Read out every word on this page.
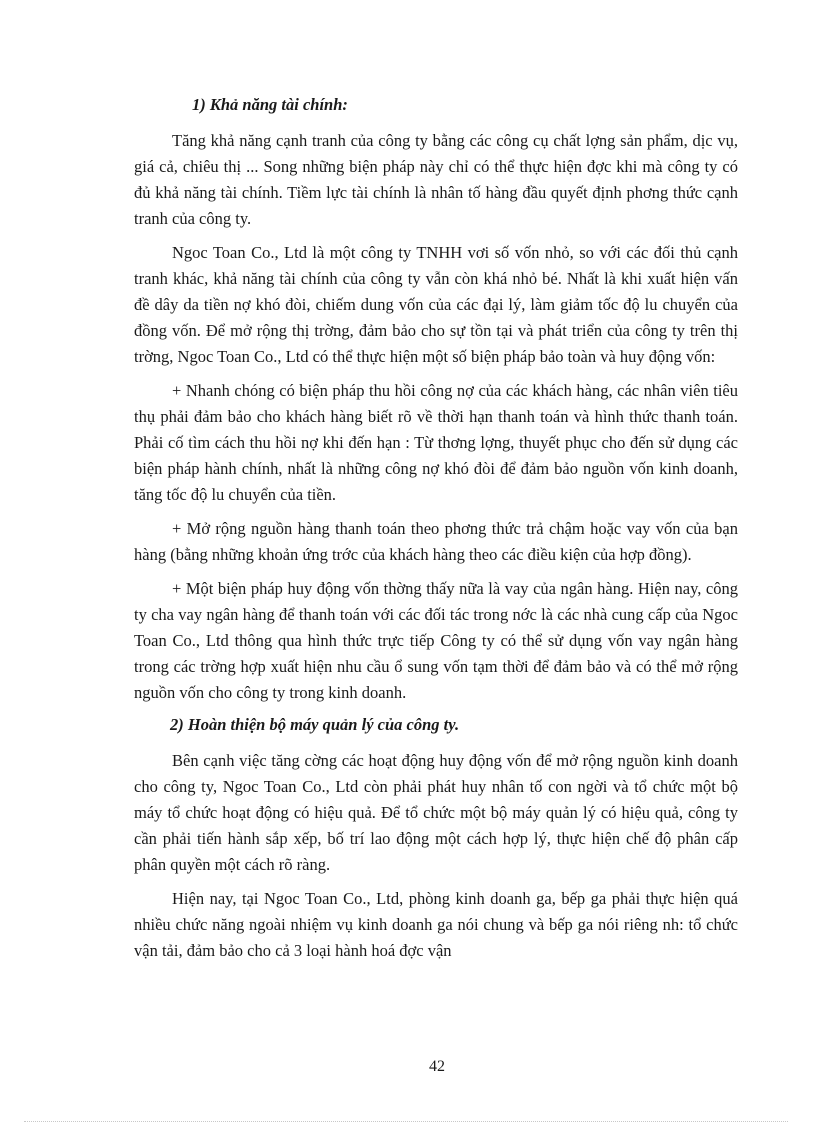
1) Khả năng tài chính:

Tăng khả năng cạnh tranh của công ty bằng các công cụ chất lợng sản phẩm, dịc vụ, giá cả, chiêu thị ... Song những biện pháp này chỉ có thể thực hiện đợc khi mà công ty có đủ khả năng tài chính. Tiềm lực tài chính là nhân tố hàng đầu quyết định phơng thức cạnh tranh của công ty.

Ngoc Toan Co., Ltd là một công ty TNHH vơi số vốn nhỏ, so với các đối thủ cạnh tranh khác, khả năng tài chính của công ty vẫn còn khá nhỏ bé. Nhất là khi xuất hiện vấn đề dây da tiền nợ khó đòi, chiếm dung vốn của các đại lý, làm giảm tốc độ lu chuyển của đồng vốn. Để mở rộng thị trờng, đảm bảo cho sự tồn tại và phát triển của công ty trên thị trờng, Ngoc Toan Co., Ltd có thể thực hiện một số biện pháp bảo toàn và huy động vốn:

+ Nhanh chóng có biện pháp thu hồi công nợ của các khách hàng, các nhân viên tiêu thụ phải đảm bảo cho khách hàng biết rõ về thời hạn thanh toán và hình thức thanh toán. Phải cố tìm cách thu hồi nợ khi đến hạn : Từ thơng lợng, thuyết phục cho đến sử dụng các biện pháp hành chính, nhất là những công nợ khó đòi để đảm bảo nguồn vốn kinh doanh, tăng tốc độ lu chuyển của tiền.

+ Mở rộng nguồn hàng thanh toán theo phơng thức trả chậm hoặc vay vốn của bạn hàng (bằng những khoản ứng trớc của khách hàng theo các điều kiện của hợp đồng).

+ Một biện pháp huy động vốn thờng thấy nữa là vay của ngân hàng. Hiện nay, công ty cha vay ngân hàng để thanh toán với các đối tác trong nớc là các nhà cung cấp của Ngoc Toan Co., Ltd thông qua hình thức trực tiếp Công ty có thể sử dụng vốn vay ngân hàng trong các trờng hợp xuất hiện nhu cầu ổ sung vốn tạm thời để đảm bảo và có thể mở rộng nguồn vốn cho công ty trong kinh doanh.

2) Hoàn thiện bộ máy quản lý của công ty.

Bên cạnh việc tăng cờng các hoạt động huy động vốn để mở rộng nguồn kinh doanh cho công ty, Ngoc Toan Co., Ltd còn phải phát huy nhân tố con ngời và tổ chức một bộ máy tổ chức hoạt động có hiệu quả. Để tổ chức một bộ máy quản lý có hiệu quả, công ty cần phải tiến hành sắp xếp, bố trí lao động một cách hợp lý, thực hiện chế độ phân cấp phân quyền một cách rõ ràng.

Hiện nay, tại Ngoc Toan Co., Ltd, phòng kinh doanh ga, bếp ga phải thực hiện quá nhiều chức năng ngoài nhiệm vụ kinh doanh ga nói chung và bếp ga nói riêng nh: tổ chức vận tải, đảm bảo cho cả 3 loại hành hoá đợc vận

42
